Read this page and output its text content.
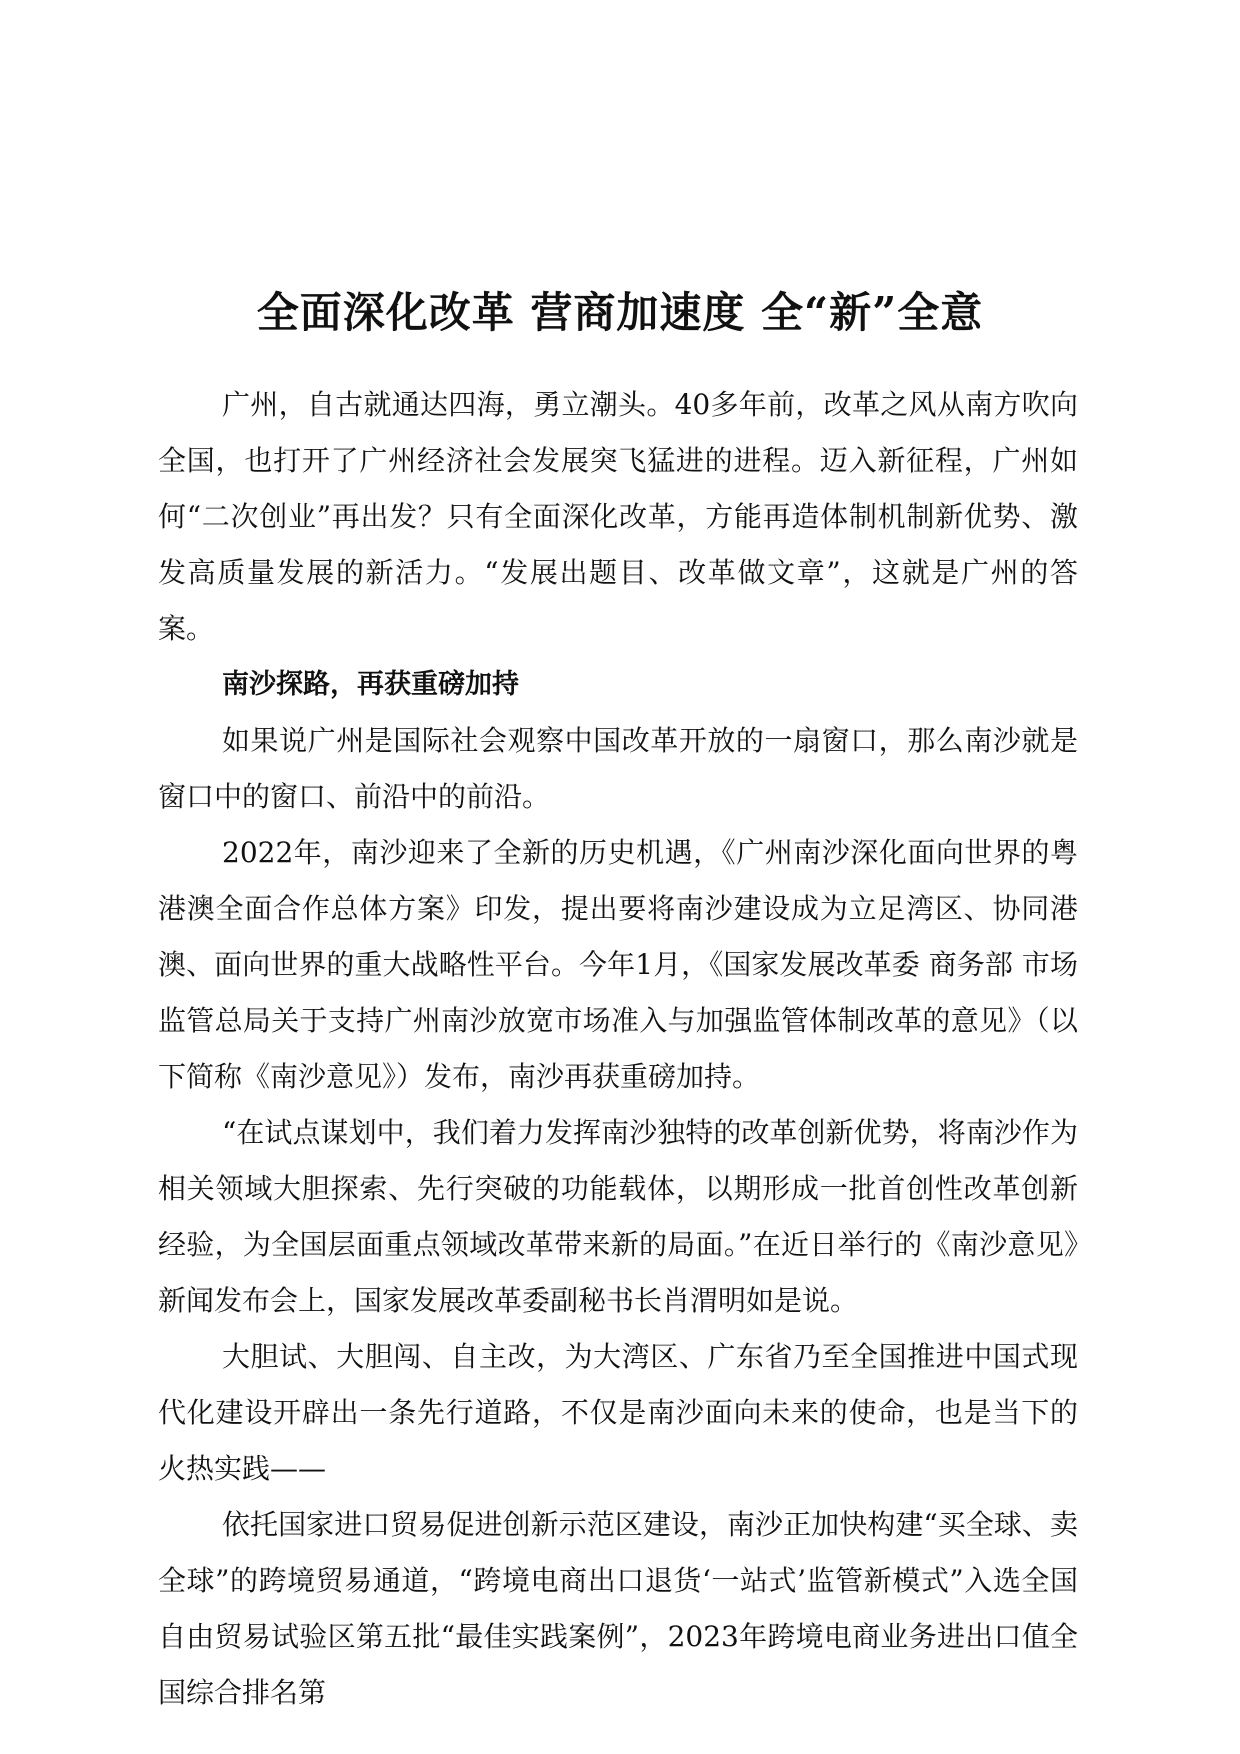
全面深化改革 营商加速度 全“新”全意

广州，自古就通达四海，勇立潮头。40多年前，改革之风从南方吹向全国，也打开了广州经济社会发展突飞猛进的进程。迈入新征程，广州如何“二次创业”再出发？只有全面深化改革，方能再造体制机制新优势、激发高质量发展的新活力。“发展出题目、改革做文章”，这就是广州的答案。

南沙探路，再获重磅加持

如果说广州是国际社会观察中国改革开放的一扇窗口，那么南沙就是窗口中的窗口、前沿中的前沿。

2022年，南沙迎来了全新的历史机遇，《广州南沙深化面向世界的粤港澳全面合作总体方案》印发，提出要将南沙建设成为立足湾区、协同港澳、面向世界的重大战略性平台。今年1月，《国家发展改革委 商务部 市场监管总局关于支持广州南沙放宽市场准入与加强监管体制改革的意见》（以下简称《南沙意见》）发布，南沙再获重磅加持。

“在试点谋划中，我们着力发挥南沙独特的改革创新优势，将南沙作为相关领域大胆探索、先行突破的功能载体，以期形成一批首创性改革创新经验，为全国层面重点领域改革带来新的局面。”在近日举行的《南沙意见》新闻发布会上，国家发展改革委副秘书长肖渭明如是说。

大胆试、大胆闯、自主改，为大湾区、广东省乃至全国推进中国式现代化建设开辟出一条先行道路，不仅是南沙面向未来的使命，也是当下的火热实践——

依托国家进口贸易促进创新示范区建设，南沙正加快构建“买全球、卖全球”的跨境贸易通道，“跨境电商出口退货‘一站式’监管新模式”入选全国自由贸易试验区第五批“最佳实践案例”，2023年跨境电商业务进出口值全国综合排名第
